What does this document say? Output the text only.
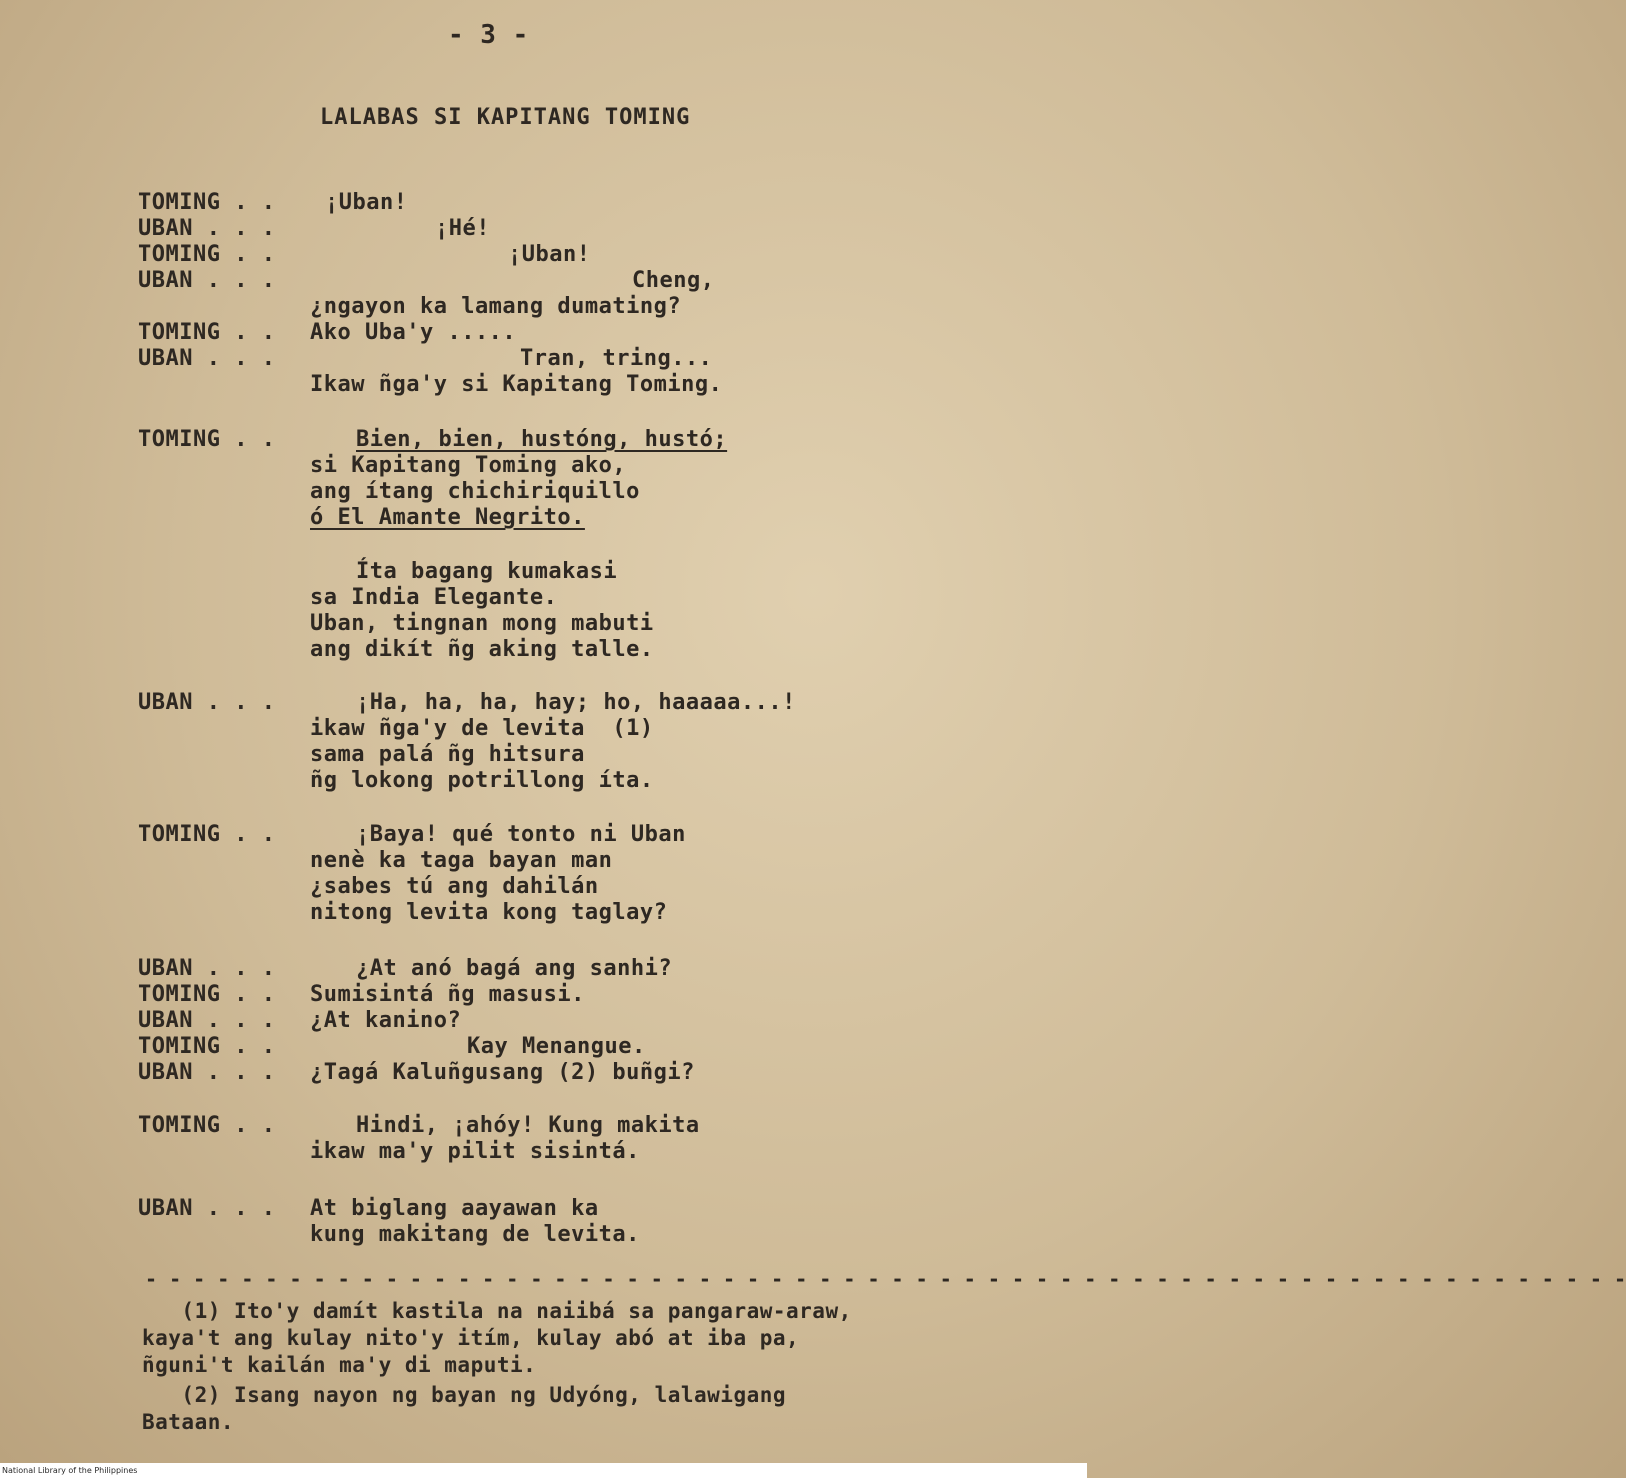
- 3 -
LALABAS SI KAPITANG TOMING
TOMING . . ¡Uban!
UBAN . . .	¡Hé!
TOMING . .	¡Uban!
UBAN . . .	Cheng,
¿ngayon ka lamang dumating?
TOMING . . Ako Uba'y .....
UBAN . . .	Tran, tring...
Ikaw ñga'y si Kapitang Toming.
TOMING . .	Bien, bien, hustóng, hustó;
si Kapitang Toming ako,
ang ítang chichiriquillo
ó El Amante Negrito.
Íta bagang kumakasi
sa India Elegante.
Uban, tingnan mong mabuti
ang dikít ñg aking talle.
UBAN . . .	¡Ha, ha, ha, hay; ho, haaaaa...!
ikaw ñga'y de levita  (1)
sama palá ñg hitsura
ñg lokong potrillong íta.
TOMING . .	¡Baya! qué tonto ni Uban
nenè ka taga bayan man
¿sabes tú ang dahilán
nitong levita kong taglay?
UBAN . . .	¿At anó bagá ang sanhi?
TOMING . . Sumisintá ñg masusi.
UBAN . . . ¿At kanino?
TOMING . .	Kay Menangue.
UBAN . . . ¿Tagá Kaluñgusang (2) buñgi?
TOMING . .	Hindi, ¡ahóy! Kung makita
ikaw ma'y pilit sisintá.
UBAN . . . At biglang aayawan ka
kung makitang de levita.
- - - - - - - - - - - - - - - - - - - - - - - - - - - - - - - - - - - - - - - - - - - - - - - - - - - - - - - - - - - - - -
(1) Ito'y damít kastila na naiibá sa pangaraw-araw,
kaya't ang kulay nito'y itím, kulay abó at iba pa,
ñguni't kailán ma'y di maputi.
(2) Isang nayon ng bayan ng Udyóng, lalawigang
Bataan.
National Library of the Philippines
